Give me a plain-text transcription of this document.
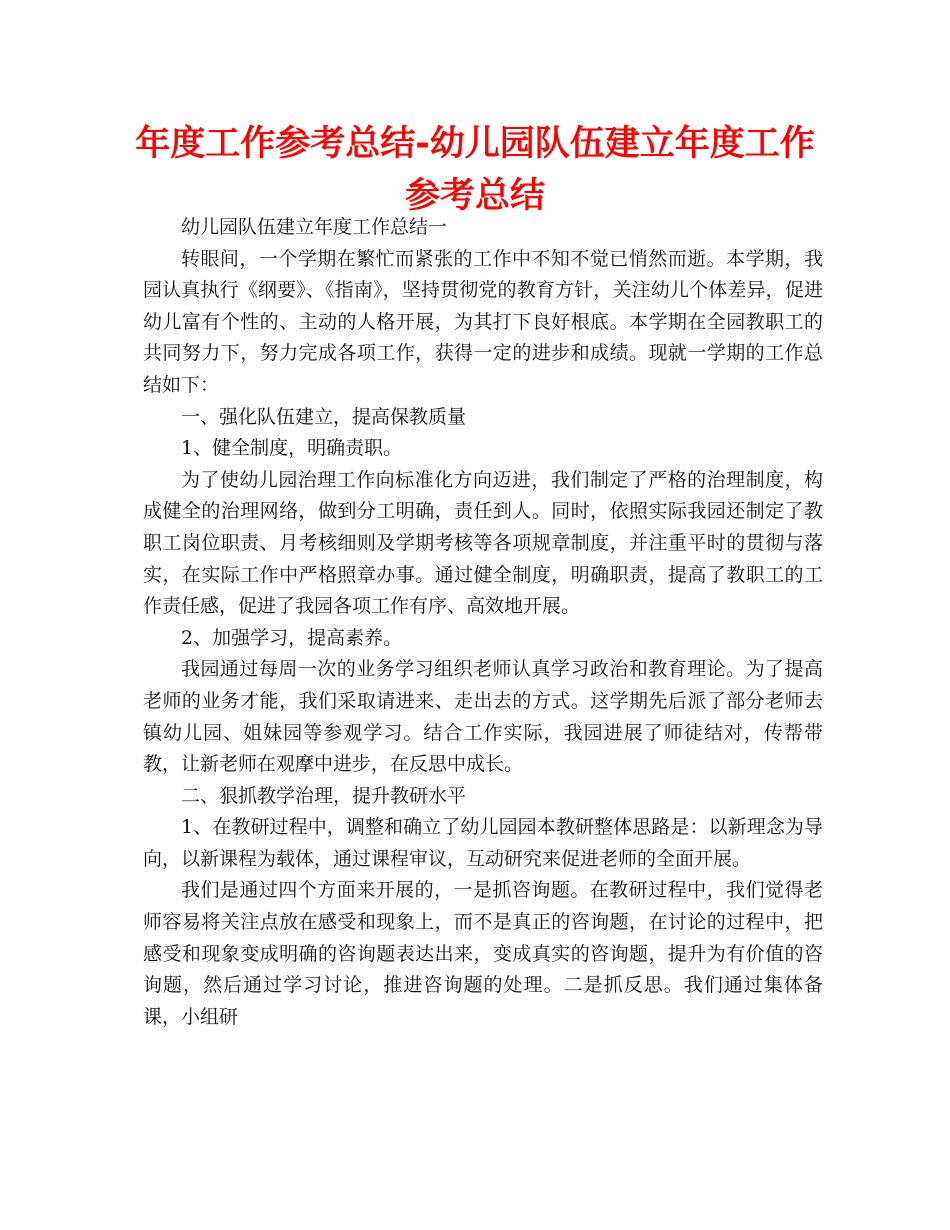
年度工作参考总结-幼儿园队伍建立年度工作参考总结

幼儿园队伍建立年度工作总结一

转眼间，一个学期在繁忙而紧张的工作中不知不觉已悄然而逝。本学期，我园认真执行《纲要》、《指南》，坚持贯彻党的教育方针，关注幼儿个体差异，促进幼儿富有个性的、主动的人格开展，为其打下良好根底。本学期在全园教职工的共同努力下，努力完成各项工作，获得一定的进步和成绩。现就一学期的工作总结如下：

一、强化队伍建立，提高保教质量

1、健全制度，明确责职。

为了使幼儿园治理工作向标准化方向迈进，我们制定了严格的治理制度，构成健全的治理网络，做到分工明确，责任到人。同时，依照实际我园还制定了教职工岗位职责、月考核细则及学期考核等各项规章制度，并注重平时的贯彻与落实，在实际工作中严格照章办事。通过健全制度，明确职责，提高了教职工的工作责任感，促进了我园各项工作有序、高效地开展。

2、加强学习，提高素养。

我园通过每周一次的业务学习组织老师认真学习政治和教育理论。为了提高老师的业务才能，我们采取请进来、走出去的方式。这学期先后派了部分老师去镇幼儿园、姐妹园等参观学习。结合工作实际，我园进展了师徒结对，传帮带教，让新老师在观摩中进步，在反思中成长。

二、狠抓教学治理，提升教研水平

1、在教研过程中，调整和确立了幼儿园园本教研整体思路是：以新理念为导向，以新课程为载体，通过课程审议，互动研究来促进老师的全面开展。

我们是通过四个方面来开展的，一是抓咨询题。在教研过程中，我们觉得老师容易将关注点放在感受和现象上，而不是真正的咨询题，在讨论的过程中，把感受和现象变成明确的咨询题表达出来，变成真实的咨询题，提升为有价值的咨询题，然后通过学习讨论，推进咨询题的处理。二是抓反思。我们通过集体备课，小组研
